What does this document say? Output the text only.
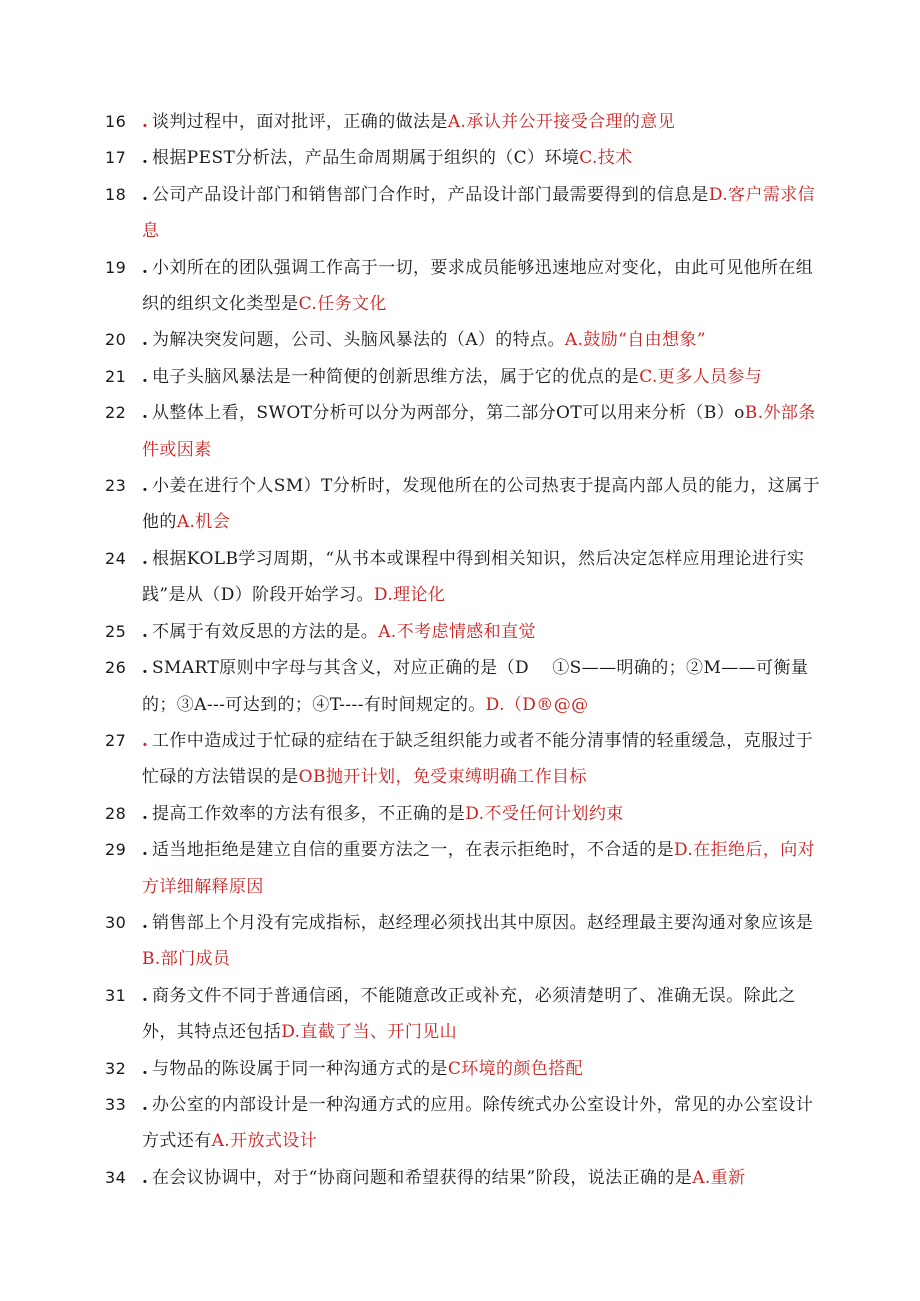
16 . 谈判过程中，面对批评，正确的做法是A.承认并公开接受合理的意见
17 . 根据PEST分析法，产品生命周期属于组织的（C）环境C.技术
18 . 公司产品设计部门和销售部门合作时，产品设计部门最需要得到的信息是D.客户需求信息
19 . 小刘所在的团队强调工作高于一切，要求成员能够迅速地应对变化，由此可见他所在组织的组织文化类型是C.任务文化
20 . 为解决突发问题，公司、头脑风暴法的（A）的特点。A.鼓励“自由想象”
21 . 电子头脑风暴法是一种简便的创新思维方法，属于它的优点的是C.更多人员参与
22 . 从整体上看，SWOT分析可以分为两部分，第二部分OT可以用来分析（B）oB.外部条件或因素
23 . 小姜在进行个人SM）T分析时，发现他所在的公司热衷于提高内部人员的能力，这属于他的A.机会
24 . 根据KOLB学习周期，“从书本或课程中得到相关知识，然后决定怎样应用理论进行实践”是从（D）阶段开始学习。D.理论化
25 . 不属于有效反思的方法的是。A.不考虑情感和直觉
26 . SMART原则中字母与其含义，对应正确的是（D　 ①S——明确的；②M——可衡量的；③A---可达到的；④T----有时间规定的。D.（D®@@
27 . 工作中造成过于忙碌的症结在于缺乏组织能力或者不能分清事情的轻重缓急，克服过于忙碌的方法错误的是OB抛开计划，免受束缚明确工作目标
28 . 提高工作效率的方法有很多，不正确的是D.不受任何计划约束
29 . 适当地拒绝是建立自信的重要方法之一，在表示拒绝时，不合适的是D.在拒绝后，向对方详细解释原因
30 . 销售部上个月没有完成指标，赵经理必须找出其中原因。赵经理最主要沟通对象应该是B.部门成员
31 . 商务文件不同于普通信函，不能随意改正或补充，必须清楚明了、准确无误。除此之外，其特点还包括D.直截了当、开门见山
32 . 与物品的陈设属于同一种沟通方式的是C环境的颜色搭配
33 . 办公室的内部设计是一种沟通方式的应用。除传统式办公室设计外，常见的办公室设计方式还有A.开放式设计
34 . 在会议协调中，对于“协商问题和希望获得的结果”阶段，说法正确的是A.重新
